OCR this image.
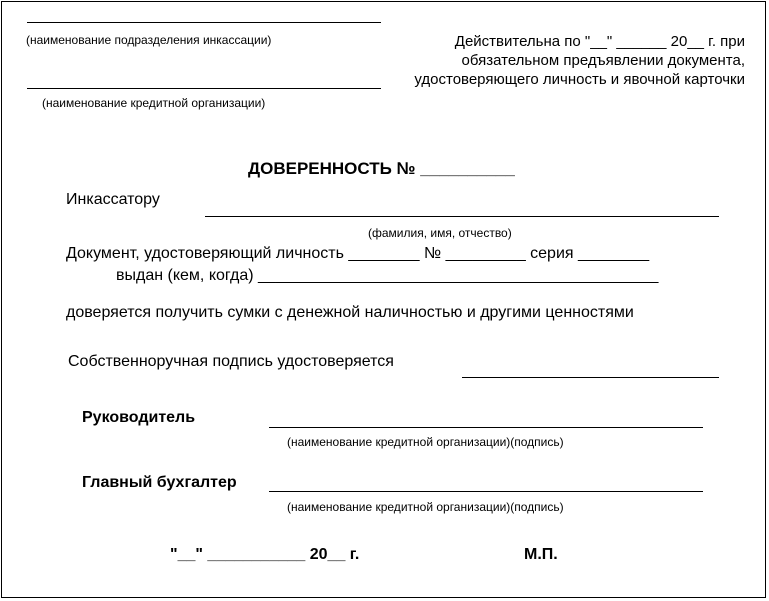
(наименование подразделения инкассации)
(наименование кредитной организации)
Действительна по "__" ______ 20__ г. при
обязательном предъявлении документа,
удостоверяющего личность и явочной карточки
ДОВЕРЕННОСТЬ № __________
Инкассатору
(фамилия, имя, отчество)
Документ, удостоверяющий личность ________ № _________ серия ________
выдан (кем, когда) _____________________________________________
доверяется получить сумки с денежной наличностью и другими ценностями
Собственноручная подпись удостоверяется
Руководитель
(наименование кредитной организации)(подпись)
Главный бухгалтер
(наименование кредитной организации)(подпись)
"__" ___________ 20__ г.	М.П.
